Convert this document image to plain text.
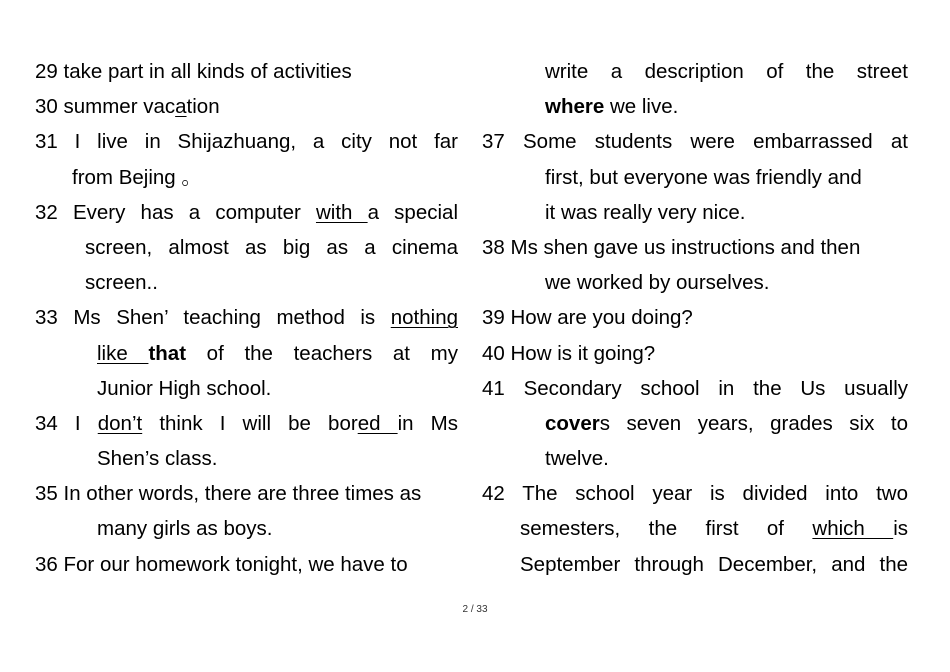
29 take part in all kinds of activities
30 summer vacation
31 I live in Shijazhuang, a city not far
from Bejing 。
32 Every has a computer with a special
screen, almost as big as a cinema
screen..
33 Ms Shen’ teaching method is nothing
like that of the teachers at my
Junior High school.
34 I don’t think I will be bored in Ms
Shen’s class.
35 In other words, there are three times as
many girls as boys.
36 For our homework tonight, we have to
write a description of the street
where we live.
37 Some students were embarrassed at
first, but everyone was friendly and
it was really very nice.
38 Ms shen gave us instructions and then
we worked by ourselves.
39 How are you doing?
40 How is it going?
41 Secondary school in the Us usually
covers seven years, grades six to
twelve.
42 The school year is divided into two
semesters, the first of which is
September through December, and the
2 / 33
